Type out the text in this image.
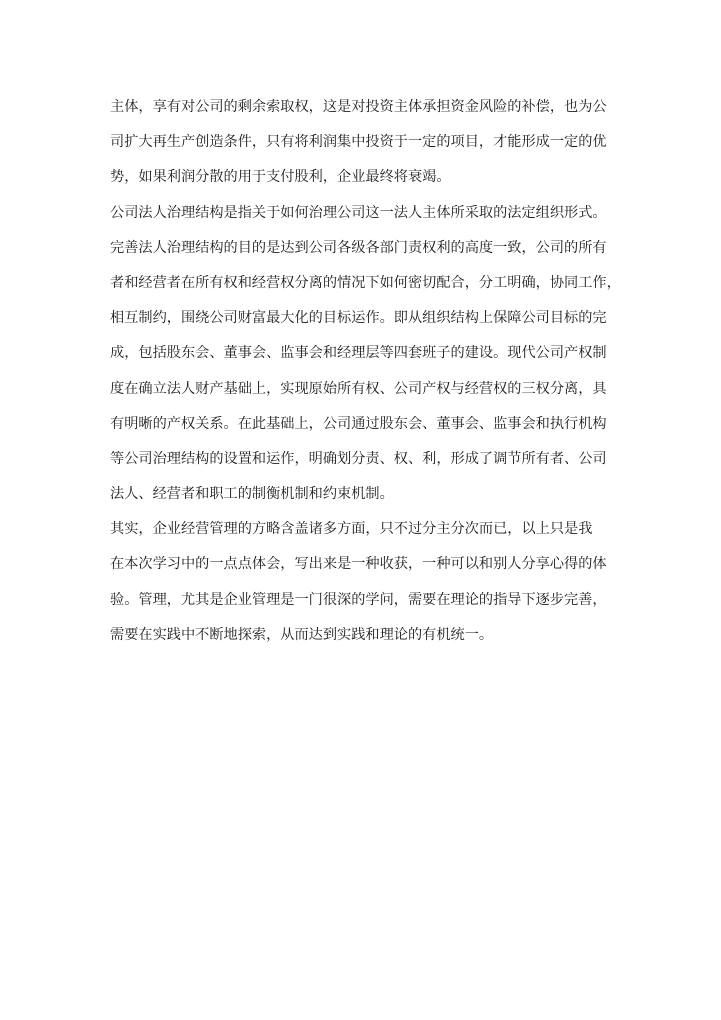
主体，享有对公司的剩余索取权，这是对投资主体承担资金风险的补偿，也为公
司扩大再生产创造条件，只有将利润集中投资于一定的项目，才能形成一定的优
势，如果利润分散的用于支付股利，企业最终将衰竭。
公司法人治理结构是指关于如何治理公司这一法人主体所采取的法定组织形式。
完善法人治理结构的目的是达到公司各级各部门责权利的高度一致，公司的所有
者和经营者在所有权和经营权分离的情况下如何密切配合，分工明确，协同工作，
相互制约，围绕公司财富最大化的目标运作。即从组织结构上保障公司目标的完
成，包括股东会、董事会、监事会和经理层等四套班子的建设。现代公司产权制
度在确立法人财产基础上，实现原始所有权、公司产权与经营权的三权分离，具
有明晰的产权关系。在此基础上，公司通过股东会、董事会、监事会和执行机构
等公司治理结构的设置和运作，明确划分责、权、利，形成了调节所有者、公司
法人、经营者和职工的制衡机制和约束机制。
其实，企业经营管理的方略含盖诸多方面，只不过分主分次而已，以上只是我
在本次学习中的一点点体会，写出来是一种收获，一种可以和别人分享心得的体
验。管理，尤其是企业管理是一门很深的学问，需要在理论的指导下逐步完善，
需要在实践中不断地探索，从而达到实践和理论的有机统一。
